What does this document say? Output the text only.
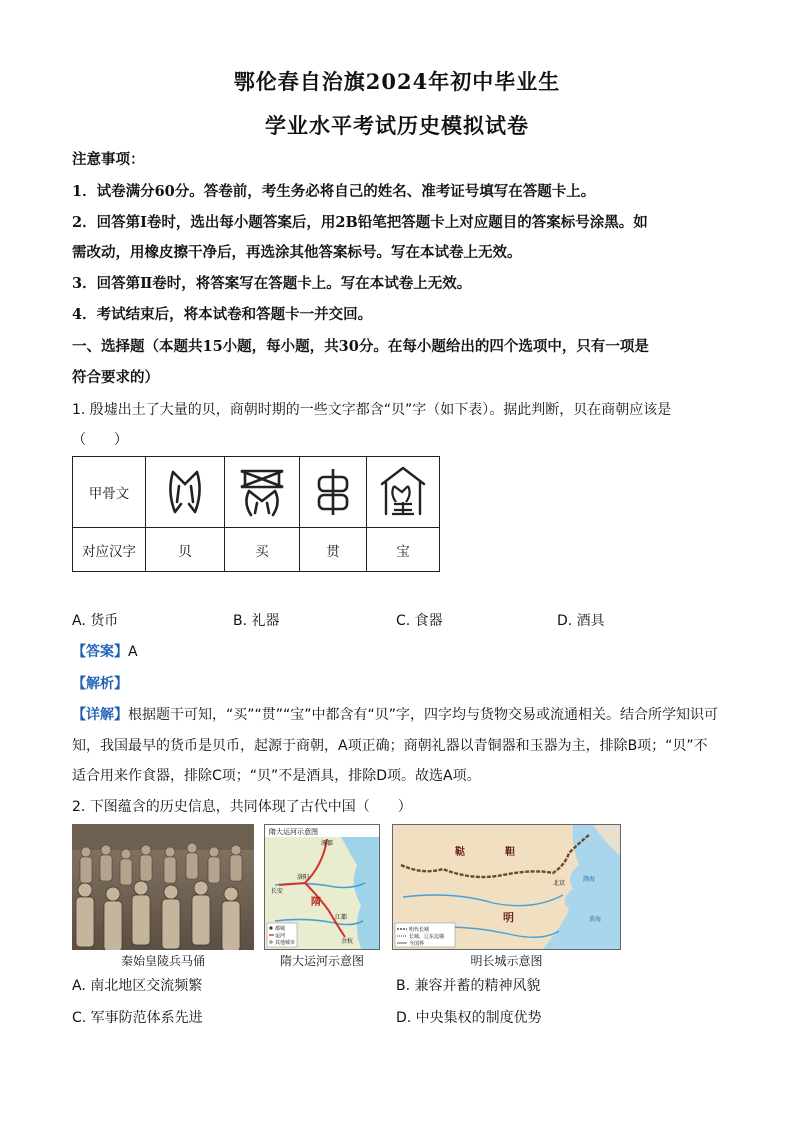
鄂伦春自治旗2024年初中毕业生
学业水平考试历史模拟试卷
注意事项：
1．试卷满分60分。答卷前，考生务必将自己的姓名、准考证号填写在答题卡上。
2．回答第Ⅰ卷时，选出每小题答案后，用2B铅笔把答题卡上对应题目的答案标号涂黑。如
需改动，用橡皮擦干净后，再选涂其他答案标号。写在本试卷上无效。
3．回答第Ⅱ卷时，将答案写在答题卡上。写在本试卷上无效。
4．考试结束后，将本试卷和答题卡一并交回。
一、选择题（本题共15小题，每小题，共30分。在每小题给出的四个选项中，只有一项是
符合要求的）
1. 殷墟出土了大量的贝，商朝时期的一些文字都含“贝”字（如下表）。据此判断，贝在商朝应该是
（　　）
甲骨文	

对应汉字	贝	买	贯	宝
A. 货币	B. 礼器	C. 食器	D. 酒具
【答案】A
【解析】
【详解】根据题干可知，“买”“贯”“宝”中都含有“贝”字，四字均与货物交易或流通相关。结合所学知识可
知，我国最早的货币是贝币，起源于商朝，A项正确；商朝礼器以青铜器和玉器为主，排除B项；“贝”不
适合用来作食器，排除C项；“贝”不是酒具，排除D项。故选A项。
2. 下图蕴含的历史信息，共同体现了古代中国（　　）
隋大运河示意图
涿郡
长安
洛阳
隋
江都
余杭
都城
运河
其他城市
鞑	靼
明
北京
渤海
黄海
明代长城
长城、辽东边墙
今国界
秦始皇陵兵马俑	隋大运河示意图	明长城示意图
A. 南北地区交流频繁	B. 兼容并蓄的精神风貌
C. 军事防范体系先进	D. 中央集权的制度优势
